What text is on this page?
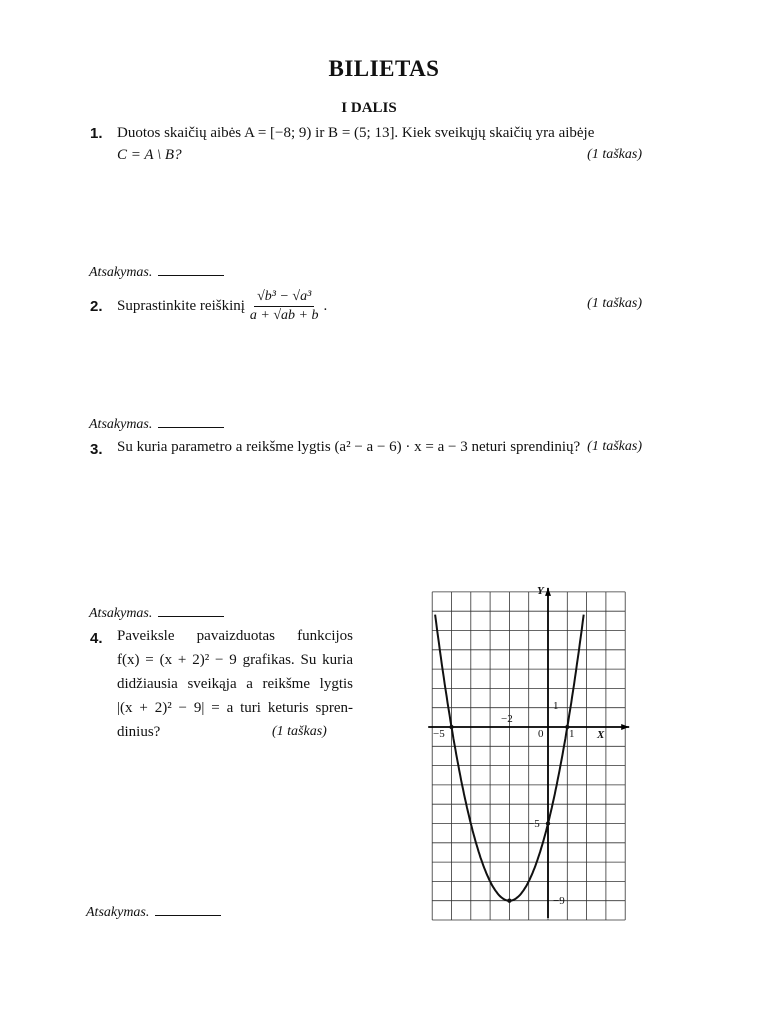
BILIETAS
I DALIS
1. Duotos skaičių aibės A = [−8; 9) ir B = (5; 13]. Kiek sveikųjų skaičių yra aibėje
C = A \ B?	(1 taškas)
Atsakymas.
2. Suprastinkite reiškinį $\frac{\text{√b³ − √a³}}{a + √ab + b}$ .	(1 taškas)
Atsakymas.
3. Su kuria parametro a reikšme lygtis (a² − a − 6) · x = a − 3 neturi sprendinių? (1 taškas)
Atsakymas.
4. Paveiksle pavaizduotas funkcijos
f(x) = (x + 2)² − 9 grafikas. Su kuria
didžiausia sveikąja a reikšme lygtis
|(x + 2)² − 9| = a turi keturis spren-
dinius?	(1 taškas)
Atsakymas.
X
Y
−5
−2
0 1
1
−5
−9
